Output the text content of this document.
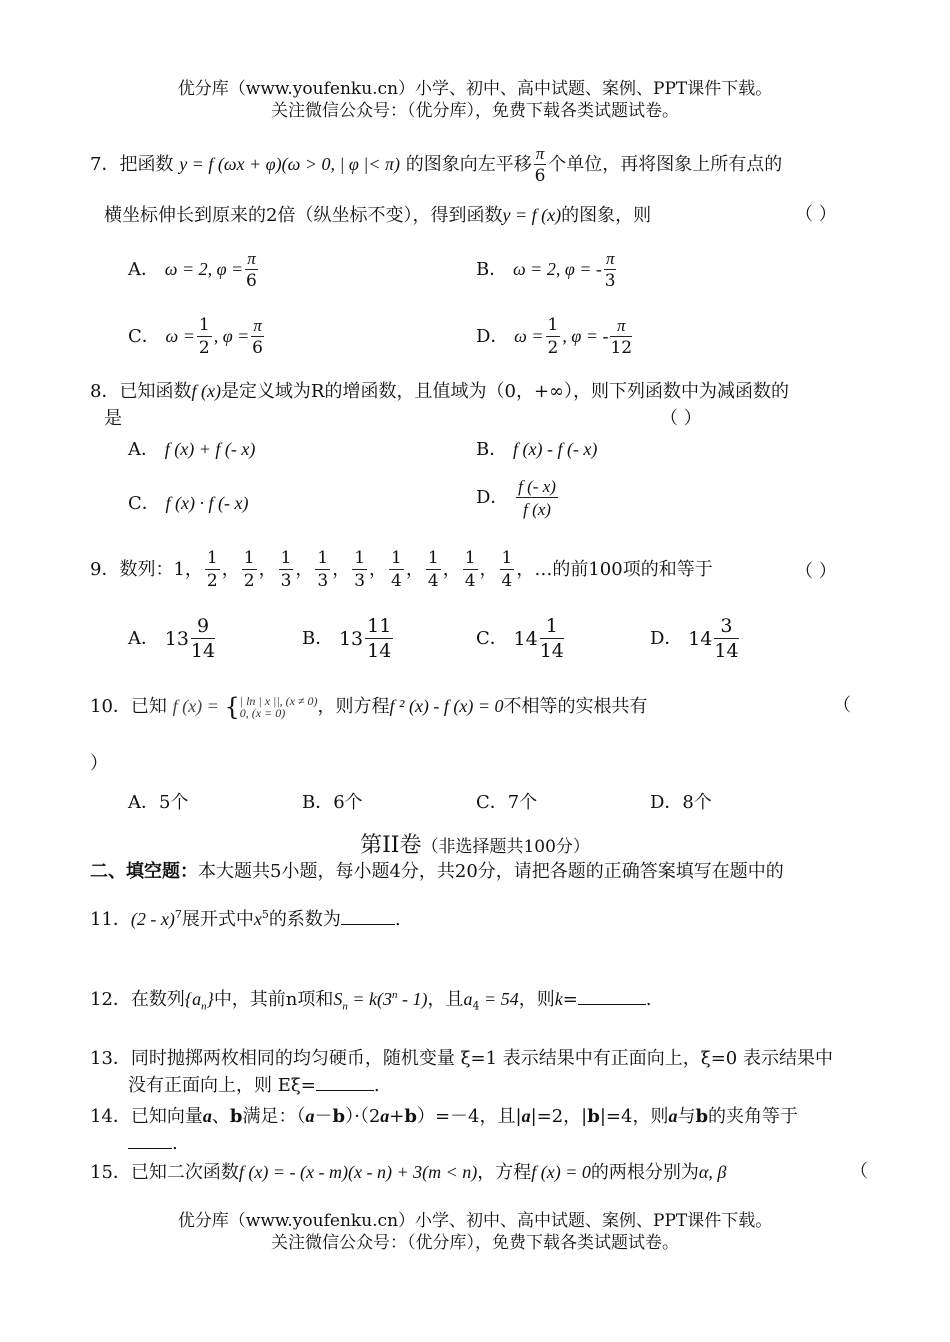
优分库（www.youfenku.cn）小学、初中、高中试题、案例、PPT课件下载。
关注微信公众号：（优分库），免费下载各类试题试卷。
7．把函数 y = f (ωx + φ)(ω > 0, | φ |< π) 的图象向左平移 $\frac{\pi}{6}$ 个单位，再将图象上所有点的
横坐标伸长到原来的2倍（纵坐标不变），得到函数y = f (x)的图象，则	（ ）
A． ω = 2, $\varphi = \frac{\pi}{6}$	B． ω = 2, φ = - $\frac{\pi}{3}$
C． $\omega = \frac{1}{2}$ , $\varphi = \frac{\pi}{6}$	D． $\omega = \frac{1}{2}$ , φ = - $\frac{\pi}{12}$
8．已知函数f (x)是定义域为R的增函数，且值域为（0，+∞），则下列函数中为减函数的
是	（ ）
A． f (x) + f (- x)	B． f (x) - f (- x)
C． f (x) · f (- x)	D． $\frac{f (- x)}{f (x)}$
9．数列：1， $\frac{1}{2}$ ， $\frac{1}{2}$ ， $\frac{1}{3}$ ， $\frac{1}{3}$ ， $\frac{1}{3}$ ， $\frac{1}{4}$ ， $\frac{1}{4}$ ， $\frac{1}{4}$ ， $\frac{1}{4}$ ，…的前100项的和等于	（ ）
A． $13 \frac{9}{14}$	B． $13 \frac{11}{14}$	C． $14 \frac{1}{14}$	D． $14 \frac{3}{14}$
10．已知 f (x) = { | ln | x ||, (x ≠ 0)
0, (x = 0)	，则方程f ² (x) - f (x) = 0不相等的实根共有	（
）
A．5个	B．6个	C．7个	D．8个
第II卷（非选择题共100分）
二、填空题：本大题共5小题，每小题4分，共20分，请把各题的正确答案填写在题中的
11．(2 - x)$^7$展开式中$x^5$的系数为	.
12．在数列$\{a_n\}$中，其前n项和$S_n = k(3^n - 1)$，且$a_4 = 54$，则k=	.
13．同时抛掷两枚相同的均匀硬币，随机变量 ξ=1 表示结果中有正面向上，ξ=0 表示结果中
没有正面向上，则 Eξ=	.
14．已知向量a、b满足：（a－b）·（2a+b）=－4，且|a|=2，|b|=4，则a与b的夹角等于
.
15．已知二次函数f (x) = - (x - m)(x - n) + 3(m < n)，方程f (x) = 0的两根分别为α, β	（
优分库（www.youfenku.cn）小学、初中、高中试题、案例、PPT课件下载。
关注微信公众号：（优分库），免费下载各类试题试卷。
